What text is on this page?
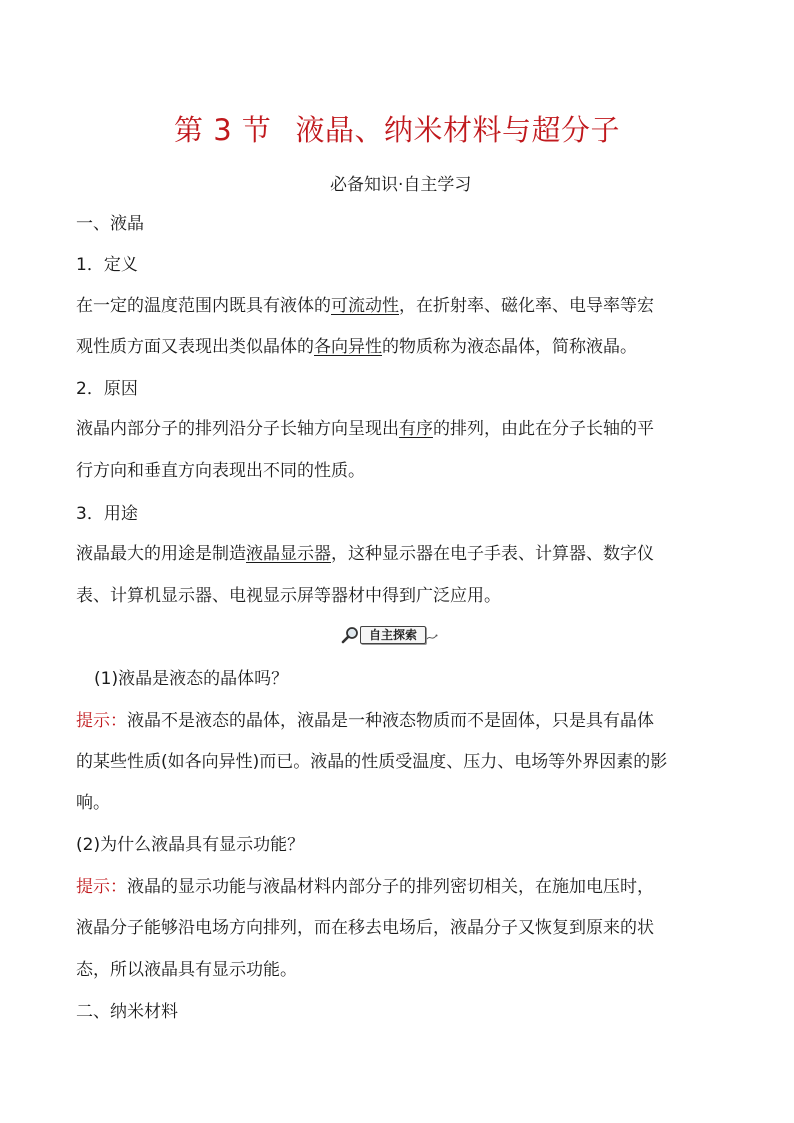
第 3 节 液晶、纳米材料与超分子
必备知识·自主学习
一、液晶
1．定义
在一定的温度范围内既具有液体的可流动性，在折射率、磁化率、电导率等宏
观性质方面又表现出类似晶体的各向异性的物质称为液态晶体，简称液晶。
2．原因
液晶内部分子的排列沿分子长轴方向呈现出有序的排列，由此在分子长轴的平
行方向和垂直方向表现出不同的性质。
3．用途
液晶最大的用途是制造液晶显示器，这种显示器在电子手表、计算器、数字仪
表、计算机显示器、电视显示屏等器材中得到广泛应用。
自主探索
(1)液晶是液态的晶体吗？
提示：液晶不是液态的晶体，液晶是一种液态物质而不是固体，只是具有晶体
的某些性质(如各向异性)而已。液晶的性质受温度、压力、电场等外界因素的影
响。
(2)为什么液晶具有显示功能？
提示：液晶的显示功能与液晶材料内部分子的排列密切相关，在施加电压时，
液晶分子能够沿电场方向排列，而在移去电场后，液晶分子又恢复到原来的状
态，所以液晶具有显示功能。
二、纳米材料
